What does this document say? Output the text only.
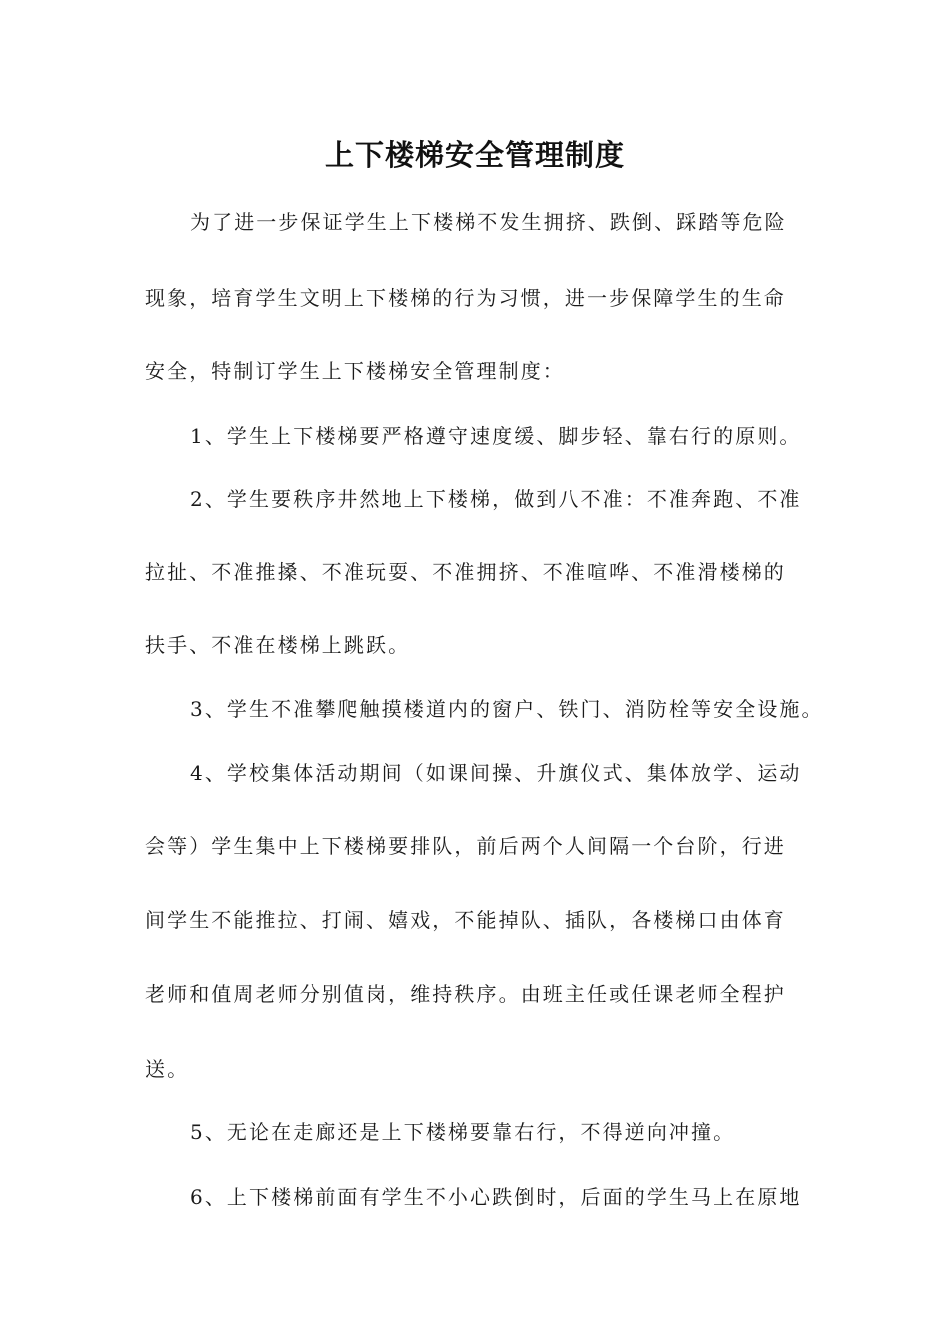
上下楼梯安全管理制度
为了进一步保证学生上下楼梯不发生拥挤、跌倒、踩踏等危险
现象，培育学生文明上下楼梯的行为习惯，进一步保障学生的生命
安全，特制订学生上下楼梯安全管理制度：
1、学生上下楼梯要严格遵守速度缓、脚步轻、靠右行的原则。
2、学生要秩序井然地上下楼梯，做到八不准：不准奔跑、不准
拉扯、不准推搡、不准玩耍、不准拥挤、不准喧哗、不准滑楼梯的
扶手、不准在楼梯上跳跃。
3、学生不准攀爬触摸楼道内的窗户、铁门、消防栓等安全设施。
4、学校集体活动期间（如课间操、升旗仪式、集体放学、运动
会等）学生集中上下楼梯要排队，前后两个人间隔一个台阶，行进
间学生不能推拉、打闹、嬉戏，不能掉队、插队，各楼梯口由体育
老师和值周老师分别值岗，维持秩序。由班主任或任课老师全程护
送。
5、无论在走廊还是上下楼梯要靠右行，不得逆向冲撞。
6、上下楼梯前面有学生不小心跌倒时，后面的学生马上在原地
